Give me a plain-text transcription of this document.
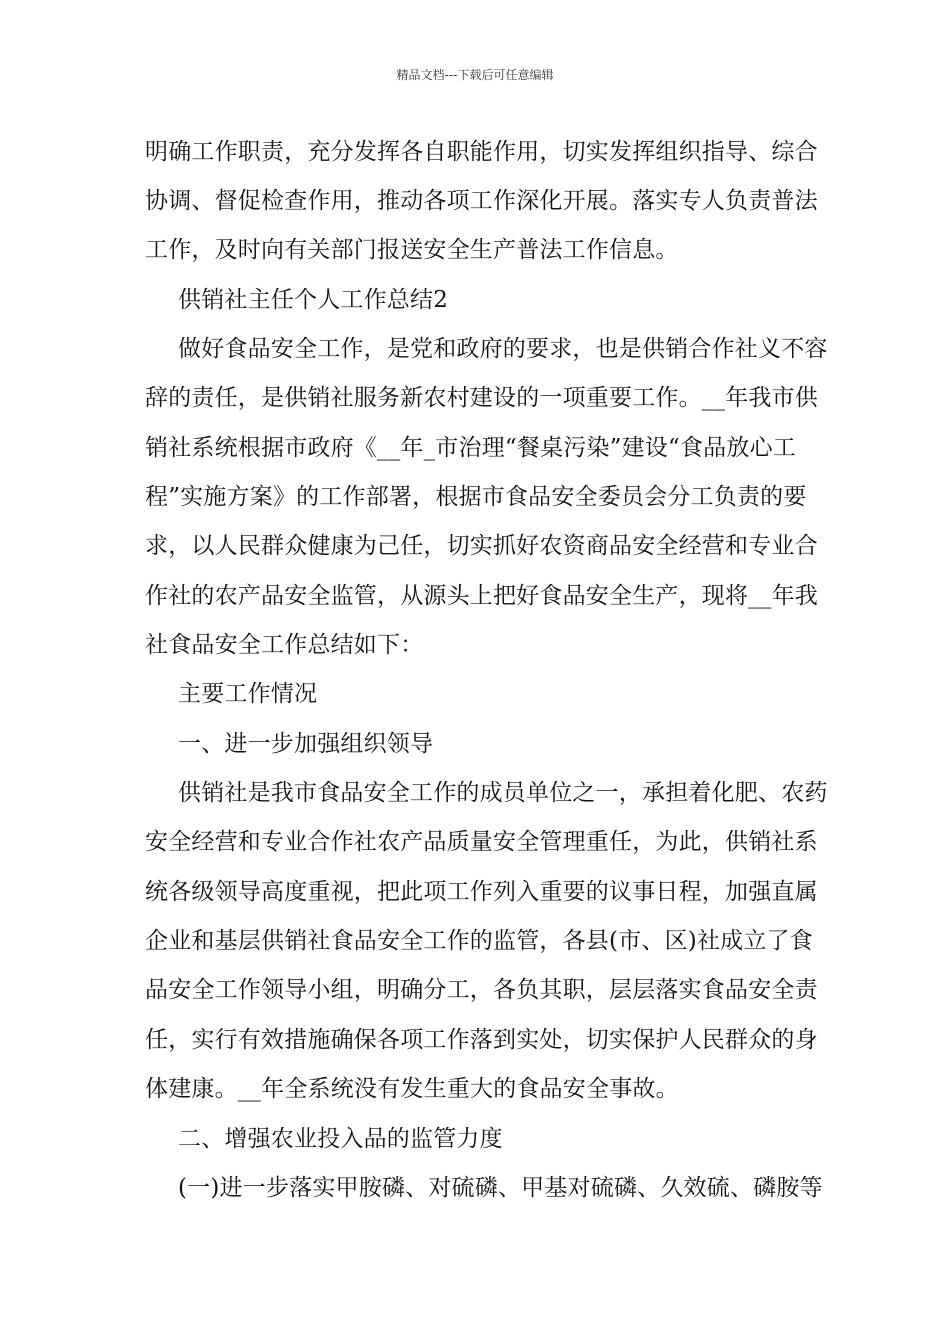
精品文档---下载后可任意编辑
明确工作职责，充分发挥各自职能作用，切实发挥组织指导、综合
协调、督促检查作用，推动各项工作深化开展。落实专人负责普法
工作，及时向有关部门报送安全生产普法工作信息。
供销社主任个人工作总结2
做好食品安全工作，是党和政府的要求，也是供销合作社义不容
辞的责任，是供销社服务新农村建设的一项重要工作。__年我市供
销社系统根据市政府《__年_市治理“餐桌污染”建设“食品放心工
程”实施方案》的工作部署，根据市食品安全委员会分工负责的要
求，以人民群众健康为己任，切实抓好农资商品安全经营和专业合
作社的农产品安全监管，从源头上把好食品安全生产，现将__年我
社食品安全工作总结如下：
主要工作情况
一、进一步加强组织领导
供销社是我市食品安全工作的成员单位之一，承担着化肥、农药
安全经营和专业合作社农产品质量安全管理重任，为此，供销社系
统各级领导高度重视，把此项工作列入重要的议事日程，加强直属
企业和基层供销社食品安全工作的监管，各县(市、区)社成立了食
品安全工作领导小组，明确分工，各负其职，层层落实食品安全责
任，实行有效措施确保各项工作落到实处，切实保护人民群众的身
体建康。__年全系统没有发生重大的食品安全事故。
二、增强农业投入品的监管力度
(一)进一步落实甲胺磷、对硫磷、甲基对硫磷、久效硫、磷胺等
